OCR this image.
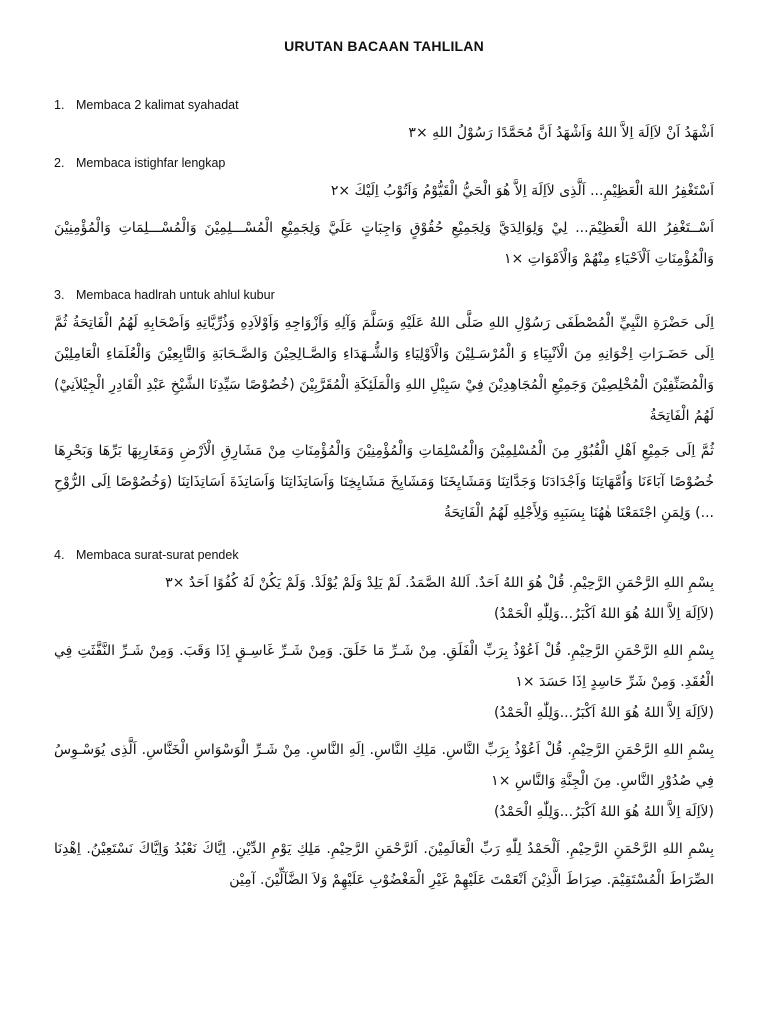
URUTAN BACAAN TAHLILAN
1. Membaca 2 kalimat syahadat
اَشْهَدُ اَنْ لاَاِلَهَ اِلاَّ اللهُ وَاَشْهَدُ اَنَّ مُحَمَّدًا رَسُوْلُ اللهِ ×٣
2. Membaca istighfar lengkap
اَسْتَغْفِرُ اللهَ الْعَظِيْمِ... اَلَّذِى لاَاِلَهَ اِلاَّ هُوَ الْحَيُّ الْقَيُّوْمُ وَاَتُوْبُ اِلَيْكَ ×٢
اَسْــتَغْفِرُ اللهَ الْعَظِيْمَ... لِيْ وَلِوَالِدَيَّ وَلِجَمِيْعِ حُقُوْقٍ وَاجِبَاتٍ عَلَيَّ وَلِجَمِيْعِ الْمُسْـــلِمِيْنَ وَالْمُسْـــلِمَاتِ وَالْمُؤْمِنِيْنَ وَالْمُؤْمِنَاتِ اَلْاَحْيَاءِ مِنْهُمْ وَالْاَمْوَاتِ ×١
3. Membaca hadlrah untuk ahlul kubur
اِلَى حَضْرَةِ النَّبِيِّ الْمُصْطَفَى رَسُوْلِ اللهِ صَلَّى اللهُ عَلَيْهِ وَسَلَّمَ وَآلِهِ وَاَزْوَاجِهِ وَاَوْلاَدِهِ وَذُرِّيَّاتِهِ وَاَصْحَابِهِ لَهُمُ الْفَاتِحَةُ ثُمَّ اِلَى حَضَـرَاتِ اِخْوَانِهِ مِنَ الْاَنْبِيَاءِ وَ الْمُرْسَـلِيْنَ وَالْاَوْلِيَاءِ وَالشُّـهَدَاءِ وَالصَّـالِحِيْنَ وَالصَّـحَابَةِ وَالتَّابِعِيْنَ وَالْعُلَمَاءِ الْعَامِلِيْنَ وَالْمُصَنِّفِيْنَ الْمُخْلِصِيْنَ وَجَمِيْعِ الْمُجَاهِدِيْنَ فِيْ سَبِيْلِ اللهِ وَالْمَلَئِكَةِ الْمُقَرَّبِيْنَ (خُصُوْصًا سَيِّدِنَا الشَّيْخِ عَبْدِ الْقَادِرِ الْجِيْلاَنِيْ) لَهُمُ الْفَاتِحَةُ
ثُمَّ اِلَى جَمِيْعِ اَهْلِ الْقُبُوْرِ مِنَ الْمُسْلِمِيْنَ وَالْمُسْلِمَاتِ وَالْمُؤْمِنِيْنَ وَالْمُؤْمِنَاتِ مِنْ مَشَارِقِ الْاَرْضِ وَمَغَارِبِهَا بَرِّهَا وَبَحْرِهَا خُصُوْصًا آبَاءَنَا وَاُمَّهَاتِنَا وَاَجْدَادَنَا وَجَدَّاتِنَا وَمَشَايِخَنَا وَمَشَايِخَ مَشَايِخِنَا وَاَسَاتِذَاتِنَا وَاَسَاتِذَةَ اَسَاتِذَاتِنَا (وَخُصُوْصًا اِلَى الرُّوْحِ ...) وَلِمَنِ اجْتَمَعْنَا هٰهُنَا بِسَبَبِهِ وَلِأَجْلِهِ لَهُمُ الْفَاتِحَةُ
4. Membaca surat-surat pendek
بِسْمِ اللهِ الرَّحْمَنِ الرَّحِيْمِ. قُلْ هُوَ اللهُ اَحَدٌ. اَللهُ الصَّمَدُ. لَمْ يَلِدْ وَلَمْ يُوْلَدْ. وَلَمْ يَكُنْ لَهُ كُفُوًا اَحَدٌ ×٣
(لاَاِلَهَ اِلاَّ اللهُ هُوَ اللهُ اَكْبَرُ...وَلِلّٰهِ الْحَمْدُ)
بِسْمِ اللهِ الرَّحْمَنِ الرَّحِيْمِ. قُلْ اَعُوْذُ بِرَبِّ الْفَلَقِ. مِنْ شَـرِّ مَا خَلَقَ. وَمِنْ شَـرِّ غَاسِـقٍ اِذَا وَقَبَ. وَمِنْ شَـرِّ النَّفَّثَتِ فِي الْعُقَدِ. وَمِنْ شَرِّ حَاسِدٍ اِذَا حَسَدَ ×١
(لاَاِلَهَ اِلاَّ اللهُ هُوَ اللهُ اَكْبَرُ...وَلِلّٰهِ الْحَمْدُ)
بِسْمِ اللهِ الرَّحْمَنِ الرَّحِيْمِ. قُلْ اَعُوْذُ بِرَبِّ النَّاسِ. مَلِكِ النَّاسِ. اِلَهِ النَّاسِ. مِنْ شَـرِّ الْوَسْوَاسِ الْخَنَّاسِ. اَلَّذِى يُوَسْـوِسُ فِي صُدُوْرِ النَّاسِ. مِنَ الْجِنَّةِ وَالنَّاسِ ×١
(لاَاِلَهَ اِلاَّ اللهُ هُوَ اللهُ اَكْبَرُ...وَلِلّٰهِ الْحَمْدُ)
بِسْمِ اللهِ الرَّحْمَنِ الرَّحِيْمِ. اَلْحَمْدُ لِلّٰهِ رَبِّ الْعَالَمِيْنَ. اَلرَّحْمَنِ الرَّحِيْمِ. مَلِكِ يَوْمِ الدِّيْنِ. اِيَّاكَ نَعْبُدُ وَاِيَّاكَ نَسْتَعِيْنُ. اِهْدِنَا الصِّرَاطَ الْمُسْتَقِيْمَ. صِرَاطَ الَّذِيْنَ اَنْعَمْتَ عَلَيْهِمْ غَيْرِ الْمَغْضُوْبِ عَلَيْهِمْ وَلاَ الضَّآلِّيْنَ. آمِيْن
